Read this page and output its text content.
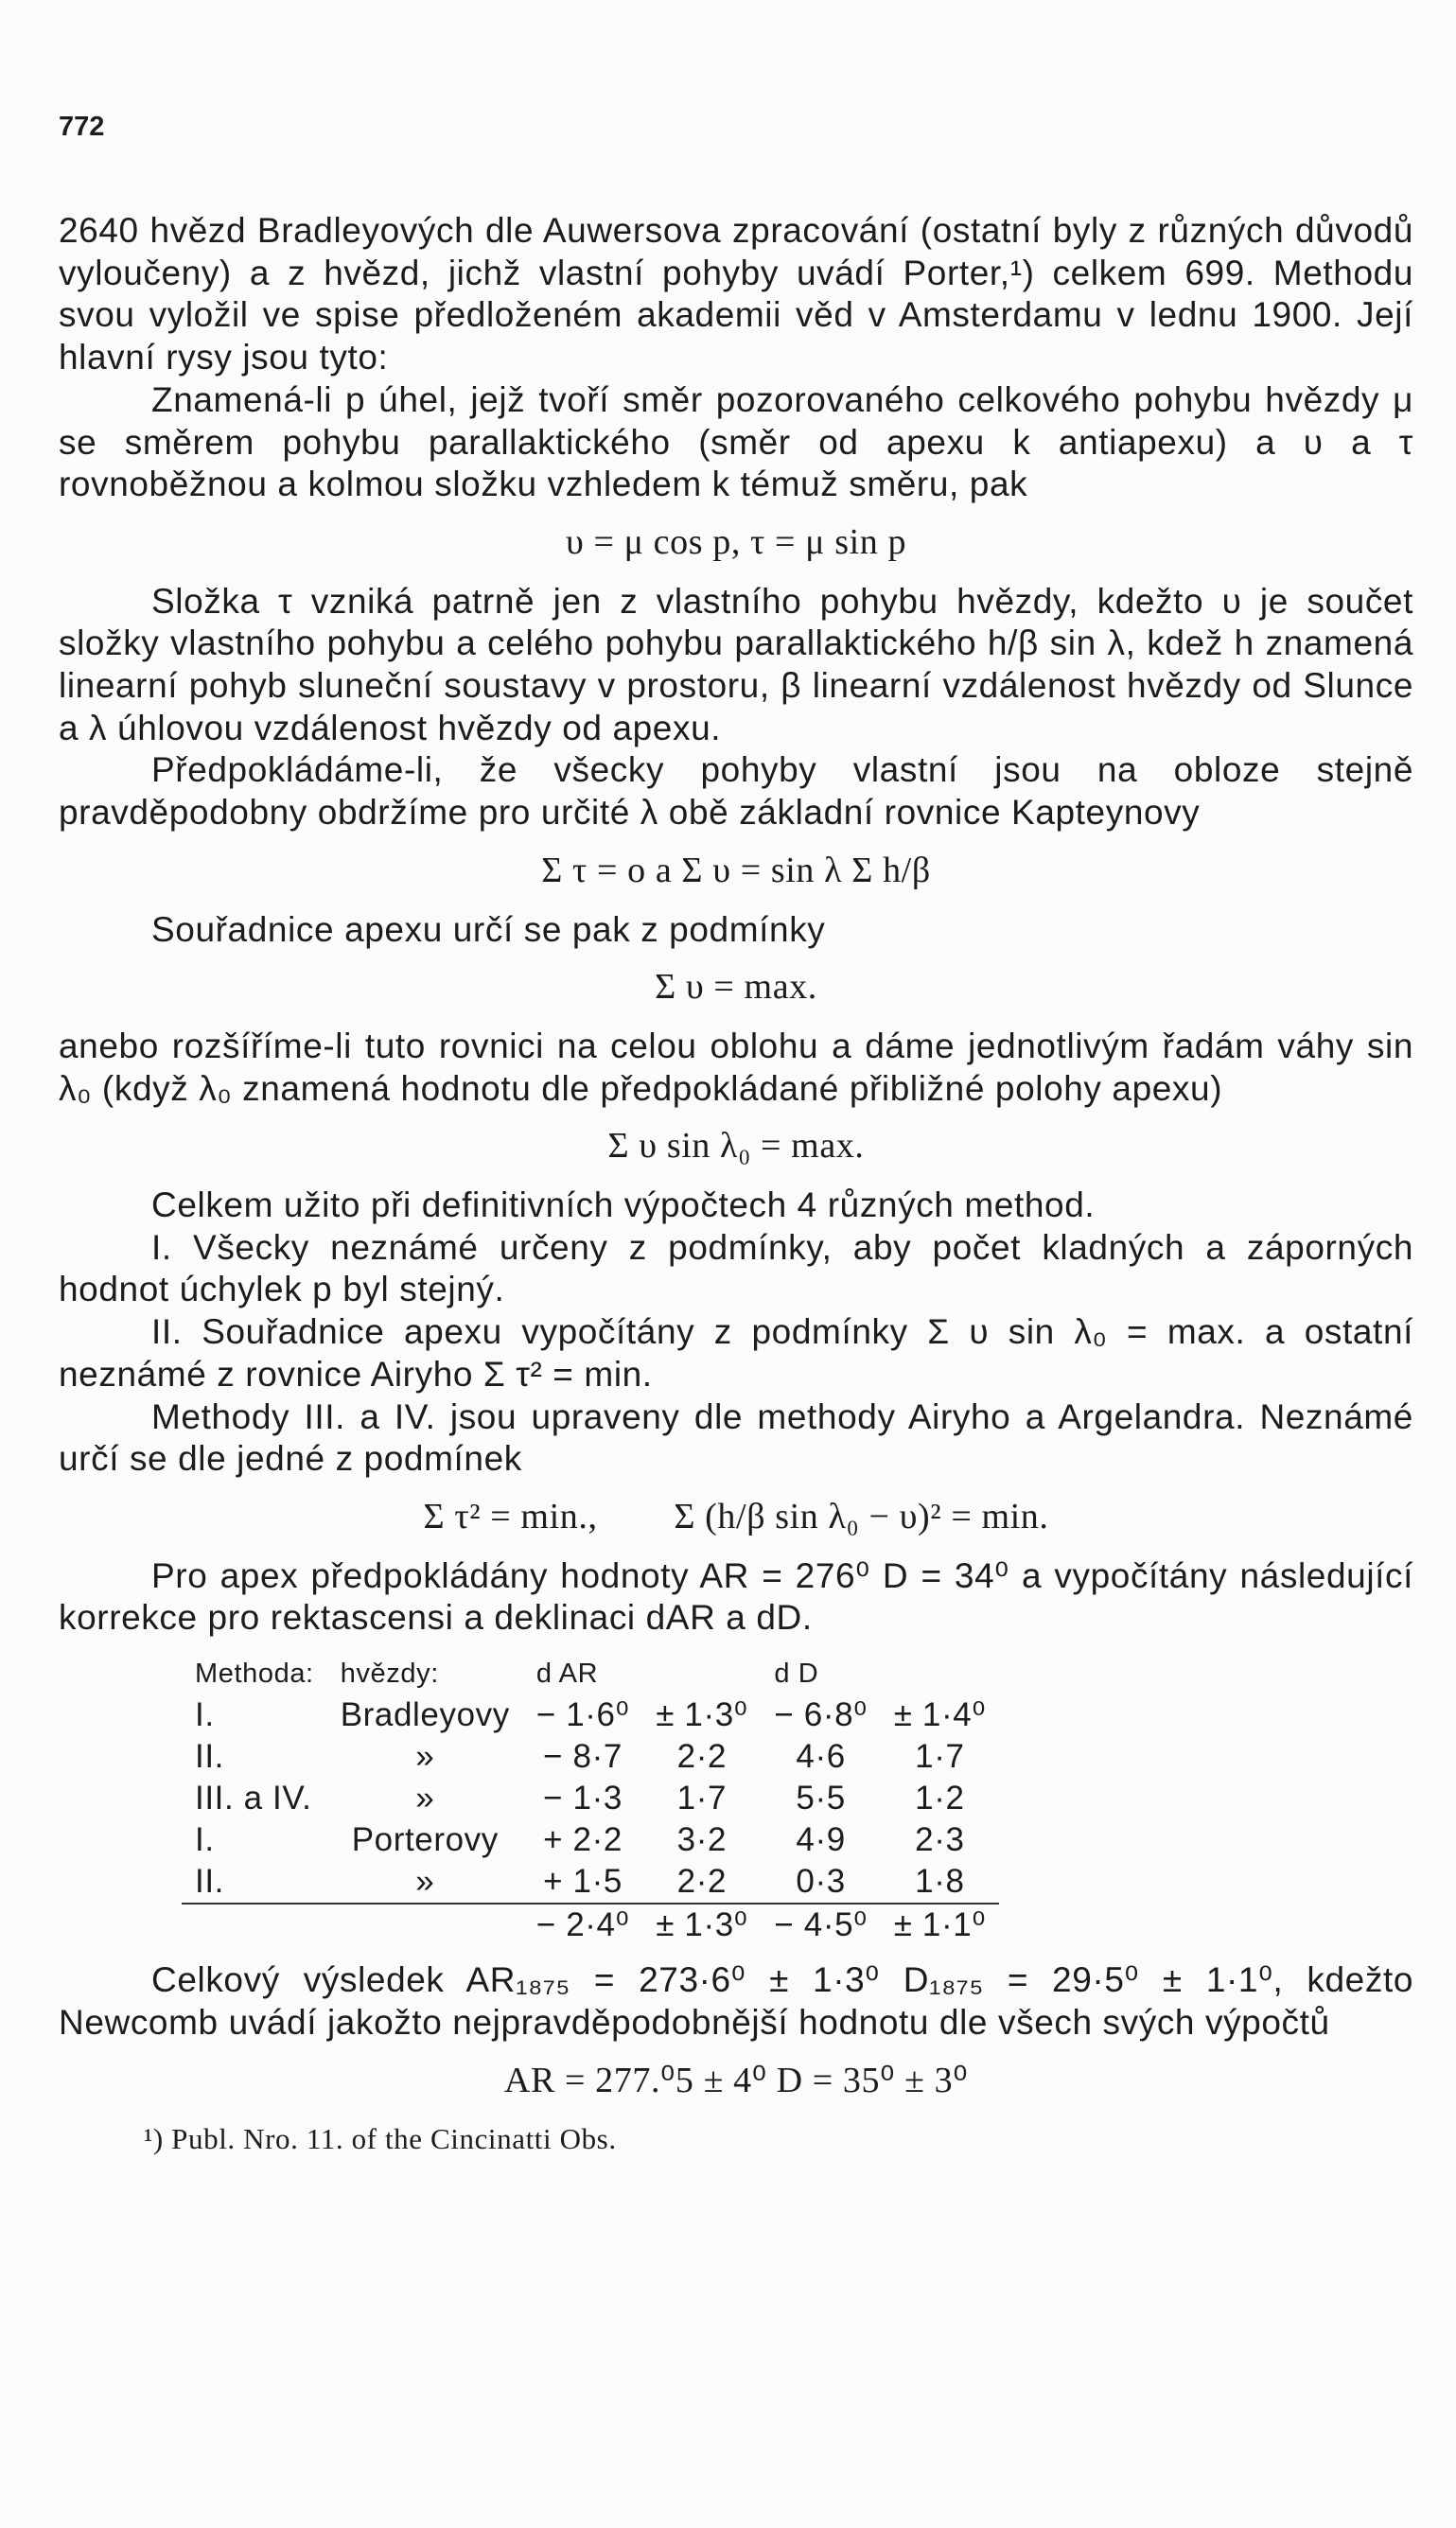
772

2640 hvězd Bradleyových dle Auwersova zpracování (ostatní byly z různých důvodů vyloučeny) a z hvězd, jichž vlastní pohyby uvádí Porter,¹) celkem 699. Methodu svou vyložil ve spise předloženém akademii věd v Amsterdamu v lednu 1900. Její hlavní rysy jsou tyto:

Znamená-li p úhel, jejž tvoří směr pozorovaného celkového pohybu hvězdy μ se směrem pohybu parallaktického (směr od apexu k antiapexu) a υ a τ rovnoběžnou a kolmou složku vzhledem k témuž směru, pak

υ = μ cos p, τ = μ sin p

Složka τ vzniká patrně jen z vlastního pohybu hvězdy, kdežto υ je součet složky vlastního pohybu a celého pohybu parallaktického h/β sin λ, kdež h znamená linearní pohyb sluneční soustavy v prostoru, β linearní vzdálenost hvězdy od Slunce a λ úhlovou vzdálenost hvězdy od apexu.

Předpokládáme-li, že všecky pohyby vlastní jsou na obloze stejně pravděpodobny obdržíme pro určité λ obě základní rovnice Kapteynovy

Σ τ = o a Σ υ = sin λ Σ h/β

Souřadnice apexu určí se pak z podmínky

Σ υ = max.

anebo rozšíříme-li tuto rovnici na celou oblohu a dáme jednotlivým řadám váhy sin λ₀ (když λ₀ znamená hodnotu dle předpokládané přibližné polohy apexu)

Σ υ sin λ₀ = max.

Celkem užito při definitivních výpočtech 4 různých method.

I. Všecky neznámé určeny z podmínky, aby počet kladných a záporných hodnot úchylek p byl stejný.

II. Souřadnice apexu vypočítány z podmínky Σ υ sin λ₀ = max. a ostatní neznámé z rovnice Airyho Σ τ² = min.

Methody III. a IV. jsou upraveny dle methody Airyho a Argelandra. Neznámé určí se dle jedné z podmínek

Σ τ² = min., Σ (h/β sin λ₀ − υ)² = min.

Pro apex předpokládány hodnoty AR = 276⁰ D = 34⁰ a vypočítány následující korrekce pro rektascensi a deklinaci dAR a dD.

Methoda:	hvězdy:	d AR		d D	
I.	Bradleyovy	− 1·6⁰	± 1·3⁰	− 6·8⁰	± 1·4⁰
II.	»	− 8·7	2·2	4·6	1·7
III. a IV.	»	− 1·3	1·7	5·5	1·2
I.	Porterovy	+ 2·2	3·2	4·9	2·3
II.	»	+ 1·5	2·2	0·3	1·8
		− 2·4⁰	± 1·3⁰	− 4·5⁰	± 1·1⁰

Celkový výsledek AR₁₈₇₅ = 273·6⁰ ± 1·3⁰ D₁₈₇₅ = 29·5⁰ ± 1·1⁰, kdežto Newcomb uvádí jakožto nejpravděpodobnější hodnotu dle všech svých výpočtů

AR = 277.⁰5 ± 4⁰ D = 35⁰ ± 3⁰
¹) Publ. Nro. 11. of the Cincinatti Obs.
